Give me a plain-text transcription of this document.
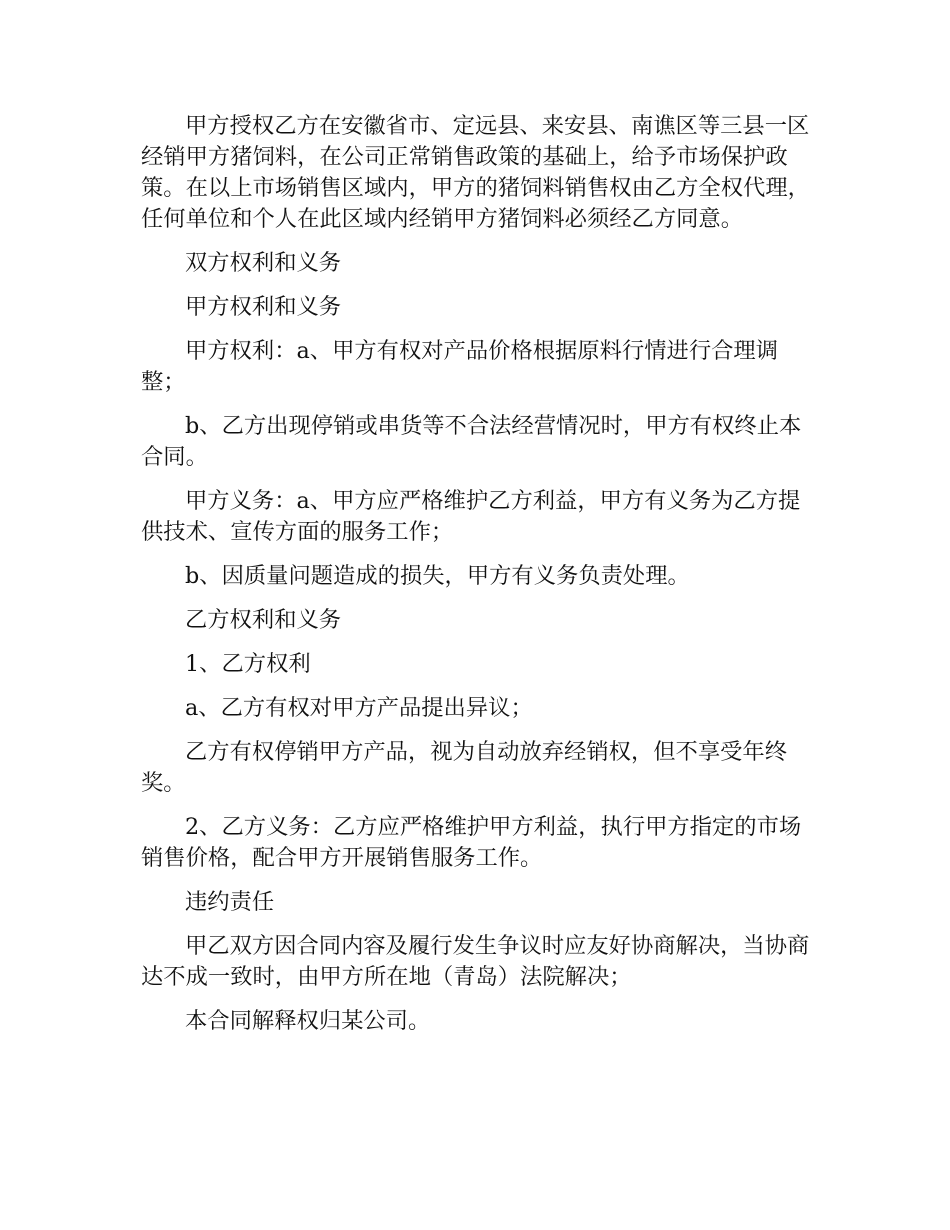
甲方授权乙方在安徽省市、定远县、来安县、南谯区等三县一区经销甲方猪饲料，在公司正常销售政策的基础上，给予市场保护政策。在以上市场销售区域内，甲方的猪饲料销售权由乙方全权代理，任何单位和个人在此区域内经销甲方猪饲料必须经乙方同意。

双方权利和义务

甲方权利和义务

甲方权利：a、甲方有权对产品价格根据原料行情进行合理调整；

b、乙方出现停销或串货等不合法经营情况时，甲方有权终止本合同。

甲方义务：a、甲方应严格维护乙方利益，甲方有义务为乙方提供技术、宣传方面的服务工作；

b、因质量问题造成的损失，甲方有义务负责处理。

乙方权利和义务

1、乙方权利

a、乙方有权对甲方产品提出异议；

乙方有权停销甲方产品，视为自动放弃经销权，但不享受年终奖。

2、乙方义务：乙方应严格维护甲方利益，执行甲方指定的市场销售价格，配合甲方开展销售服务工作。

违约责任

甲乙双方因合同内容及履行发生争议时应友好协商解决，当协商达不成一致时，由甲方所在地（青岛）法院解决；

本合同解释权归某公司。
